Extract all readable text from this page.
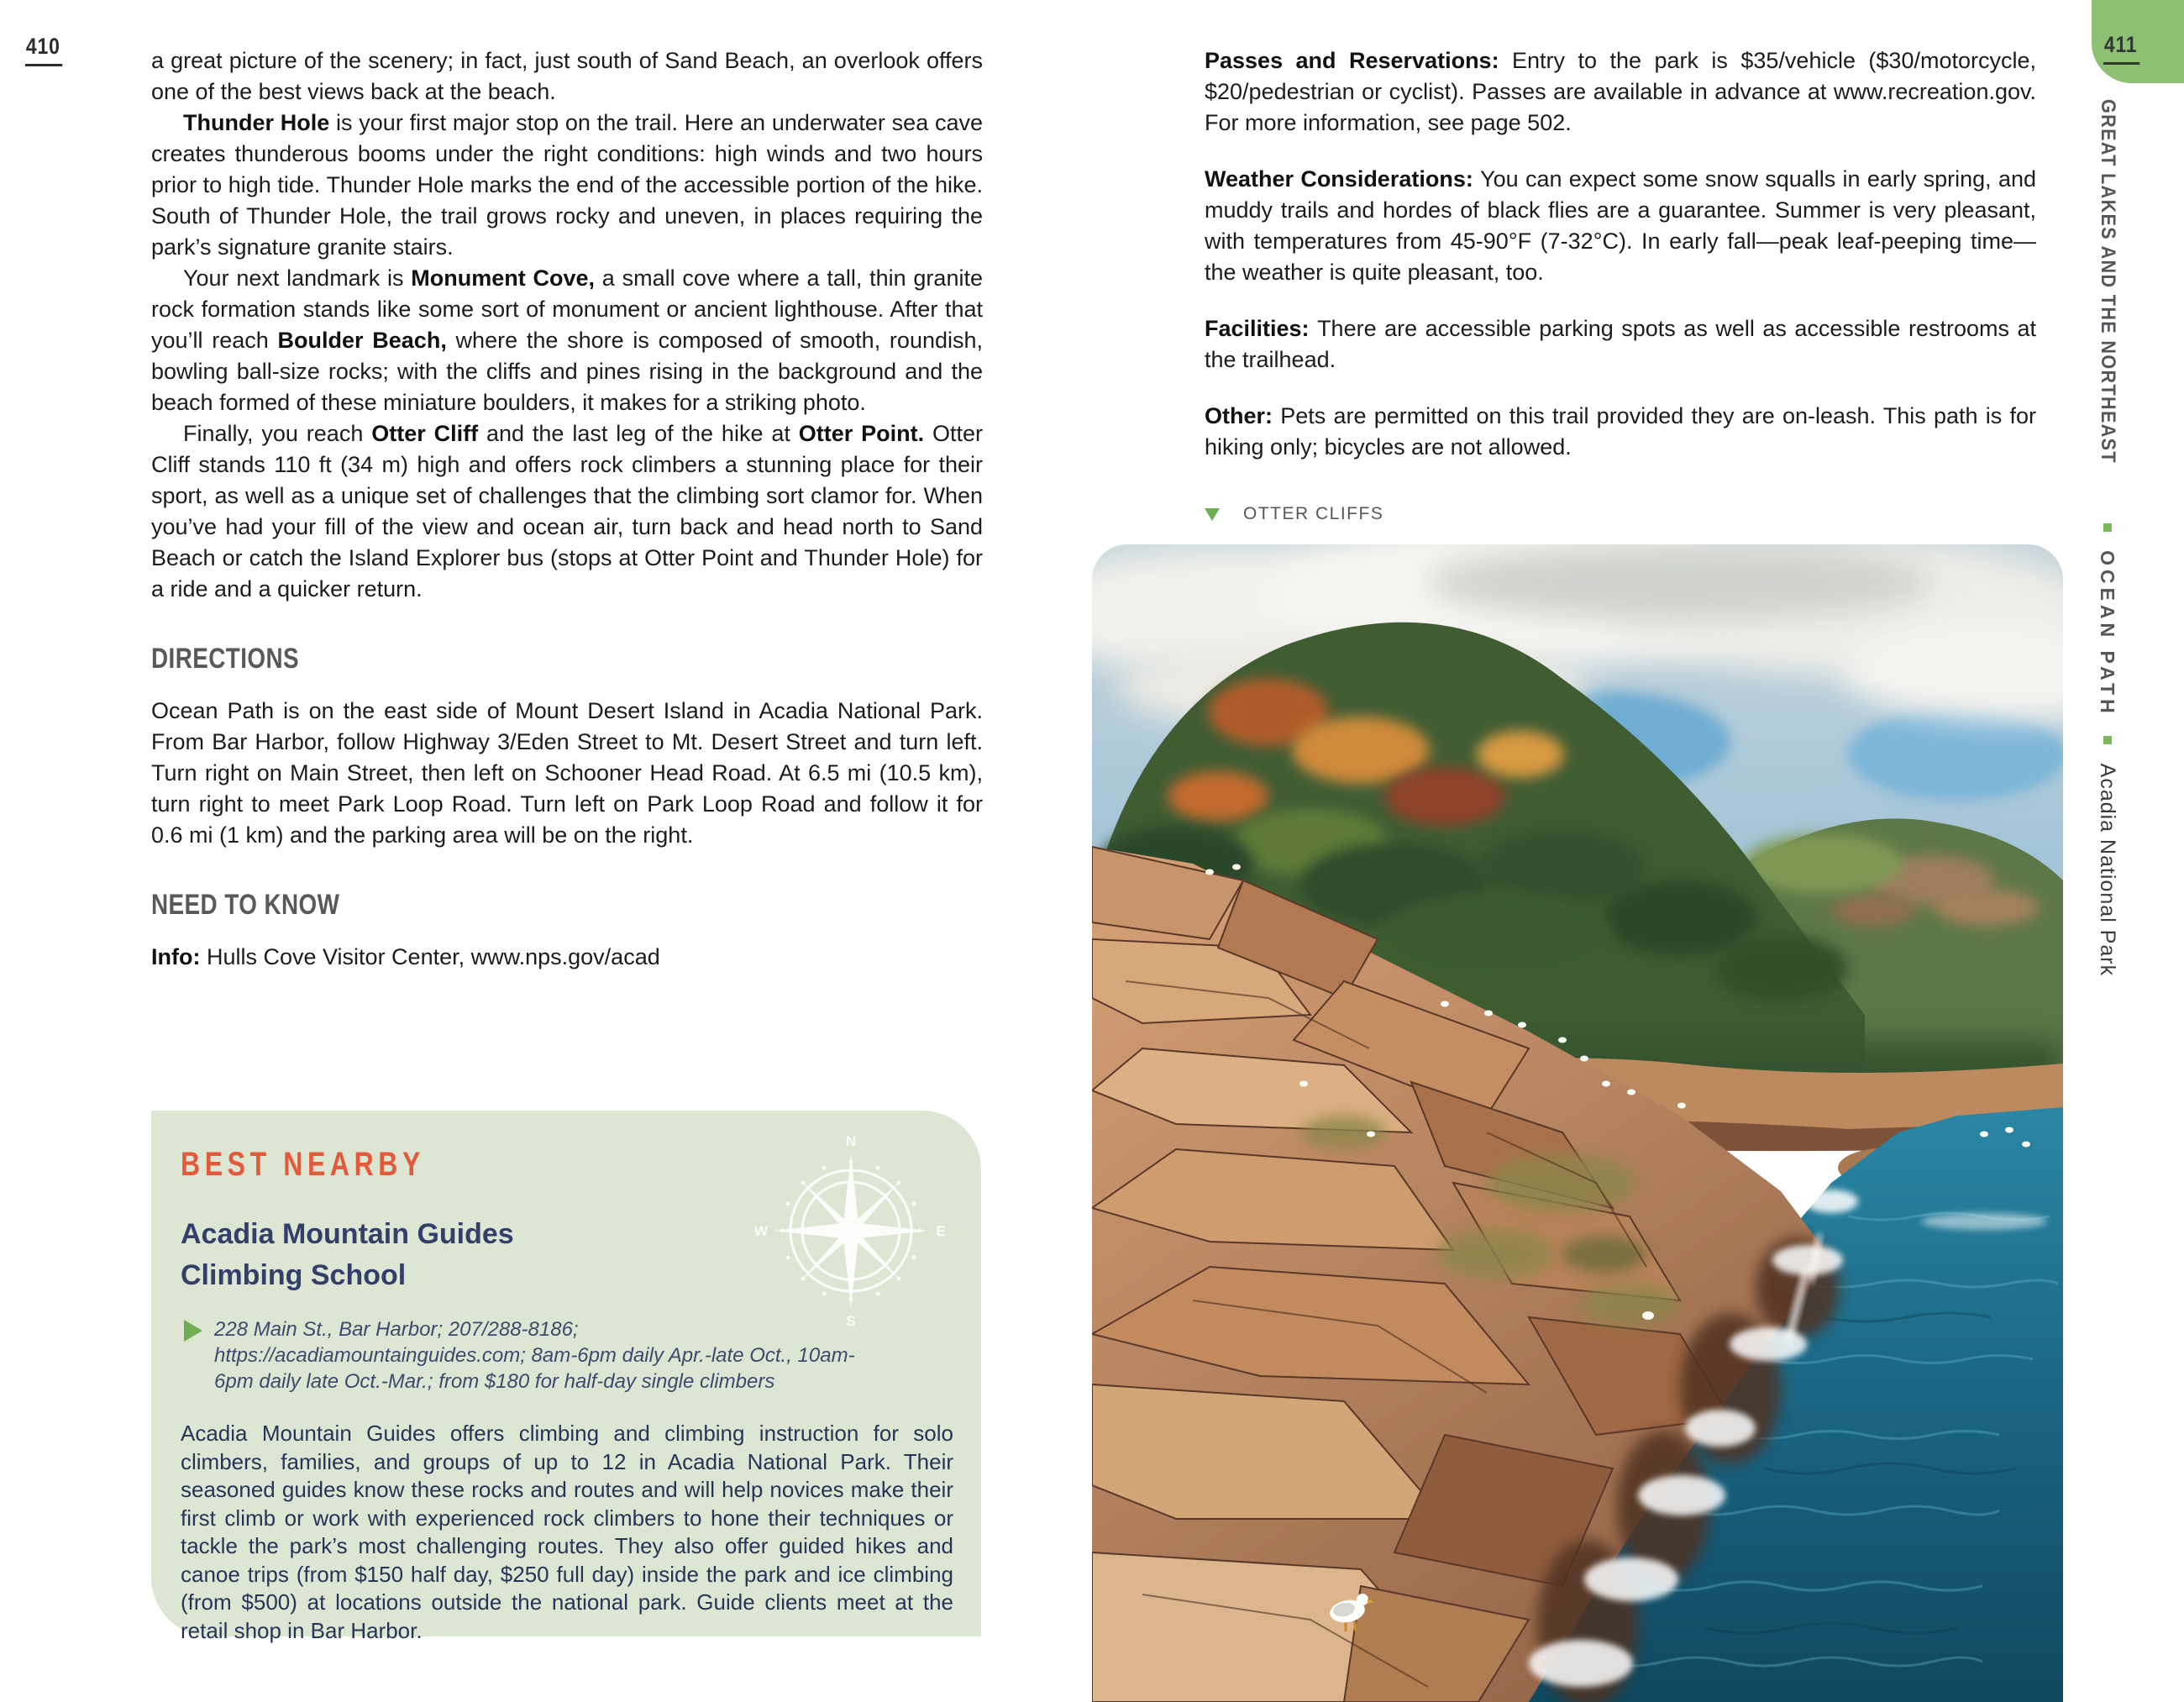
410

a great picture of the scenery; in fact, just south of Sand Beach, an overlook offers one of the best views back at the beach.

Thunder Hole is your first major stop on the trail. Here an underwater sea cave creates thunderous booms under the right conditions: high winds and two hours prior to high tide. Thunder Hole marks the end of the accessible portion of the hike. South of Thunder Hole, the trail grows rocky and uneven, in places requiring the park’s signature granite stairs.

Your next landmark is Monument Cove, a small cove where a tall, thin granite rock formation stands like some sort of monument or ancient lighthouse. After that you’ll reach Boulder Beach, where the shore is composed of smooth, roundish, bowling ball-size rocks; with the cliffs and pines rising in the background and the beach formed of these miniature boulders, it makes for a striking photo.

Finally, you reach Otter Cliff and the last leg of the hike at Otter Point. Otter Cliff stands 110 ft (34 m) high and offers rock climbers a stunning place for their sport, as well as a unique set of challenges that the climbing sort clamor for. When you’ve had your fill of the view and ocean air, turn back and head north to Sand Beach or catch the Island Explorer bus (stops at Otter Point and Thunder Hole) for a ride and a quicker return.

DIRECTIONS

Ocean Path is on the east side of Mount Desert Island in Acadia National Park. From Bar Harbor, follow Highway 3/Eden Street to Mt. Desert Street and turn left. Turn right on Main Street, then left on Schooner Head Road. At 6.5 mi (10.5 km), turn right to meet Park Loop Road. Turn left on Park Loop Road and follow it for 0.6 mi (1 km) and the parking area will be on the right.

NEED TO KNOW

Info: Hulls Cove Visitor Center, www.nps.gov/acad

N
E
S
W
BEST NEARBY

Acadia Mountain Guides
Climbing School

228 Main St., Bar Harbor; 207/288-8186; https://acadiamountainguides.com; 8am-6pm daily Apr.-late Oct., 10am-6pm daily late Oct.-Mar.; from $180 for half-day single climbers

Acadia Mountain Guides offers climbing and climbing instruction for solo climbers, families, and groups of up to 12 in Acadia National Park. Their seasoned guides know these rocks and routes and will help novices make their first climb or work with experienced rock climbers to hone their techniques or tackle the park’s most challenging routes. They also offer guided hikes and canoe trips (from $150 half day, $250 full day) inside the park and ice climbing (from $500) at locations outside the national park. Guide clients meet at the retail shop in Bar Harbor.

Passes and Reservations: Entry to the park is $35/vehicle ($30/motorcycle, $20/pedestrian or cyclist). Passes are available in advance at www.recreation.gov. For more information, see page 502.

Weather Considerations: You can expect some snow squalls in early spring, and muddy trails and hordes of black flies are a guarantee. Summer is very pleasant, with temperatures from 45-90°F (7-32°C). In early fall—peak leaf-peeping time—the weather is quite pleasant, too.

Facilities: There are accessible parking spots as well as accessible restrooms at the trailhead.

Other: Pets are permitted on this trail provided they are on-leash. This path is for hiking only; bicycles are not allowed.

OTTER CLIFFS
411
GREAT LAKES AND THE NORTHEAST  OCEAN PATH  Acadia National Park
